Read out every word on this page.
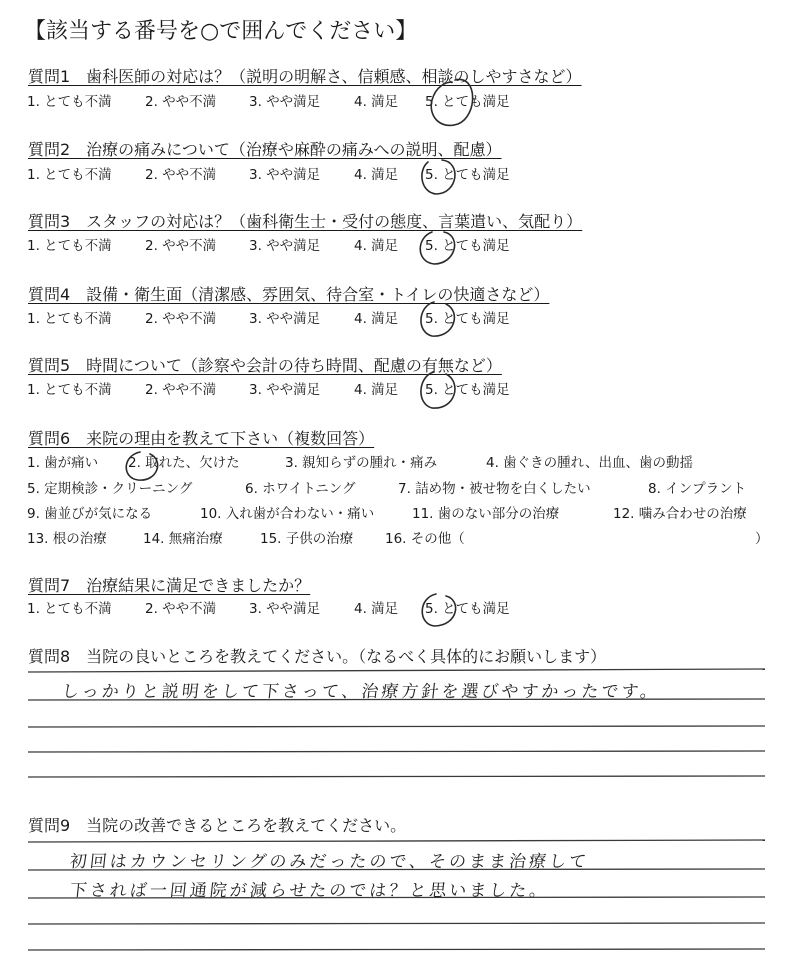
【該当する番号を○で囲んでください】
質問1　歯科医師の対応は？（説明の明解さ、信頼感、相談のしやすさなど）
1. とても不満 2. やや不満 3. やや満足	4. 満足 5. とても満足
質問2　治療の痛みについて（治療や麻酔の痛みへの説明、配慮）
1. とても不満 2. やや不満 3. やや満足	4. 満足 5. とても満足
質問3　スタッフの対応は？（歯科衛生士・受付の態度、言葉遣い、気配り）
1. とても不満 2. やや不満 3. やや満足	4. 満足 5. とても満足
質問4　設備・衛生面（清潔感、雰囲気、待合室・トイレの快適さなど）
1. とても不満 2. やや不満 3. やや満足	4. 満足 5. とても満足
質問5　時間について（診察や会計の待ち時間、配慮の有無など）
1. とても不満 2. やや不満 3. やや満足	4. 満足 5. とても満足
質問6　来院の理由を教えて下さい（複数回答）
1. 歯が痛い 2. 取れた、欠けた	3. 親知らずの腫れ・痛み	4. 歯ぐきの腫れ、出血、歯の動揺
5. 定期検診・クリーニング	6. ホワイトニング	7. 詰め物・被せ物を白くしたい	8. インプラント
9. 歯並びが気になる	10. 入れ歯が合わない・痛い	11. 歯のない部分の治療	12. 噛み合わせの治療
13. 根の治療	14. 無痛治療	15. 子供の治療 16. その他（	）
質問7　治療結果に満足できましたか？
1. とても不満 2. やや不満 3. やや満足	4. 満足 5. とても満足
質問8　当院の良いところを教えてください。（なるべく具体的にお願いします）
しっかりと説明をして下さって、治療方針を選びやすかったです。
質問9　当院の改善できるところを教えてください。
初回はカウンセリングのみだったので、そのまま治療して
下されば一回通院が減らせたのでは？と思いました。
